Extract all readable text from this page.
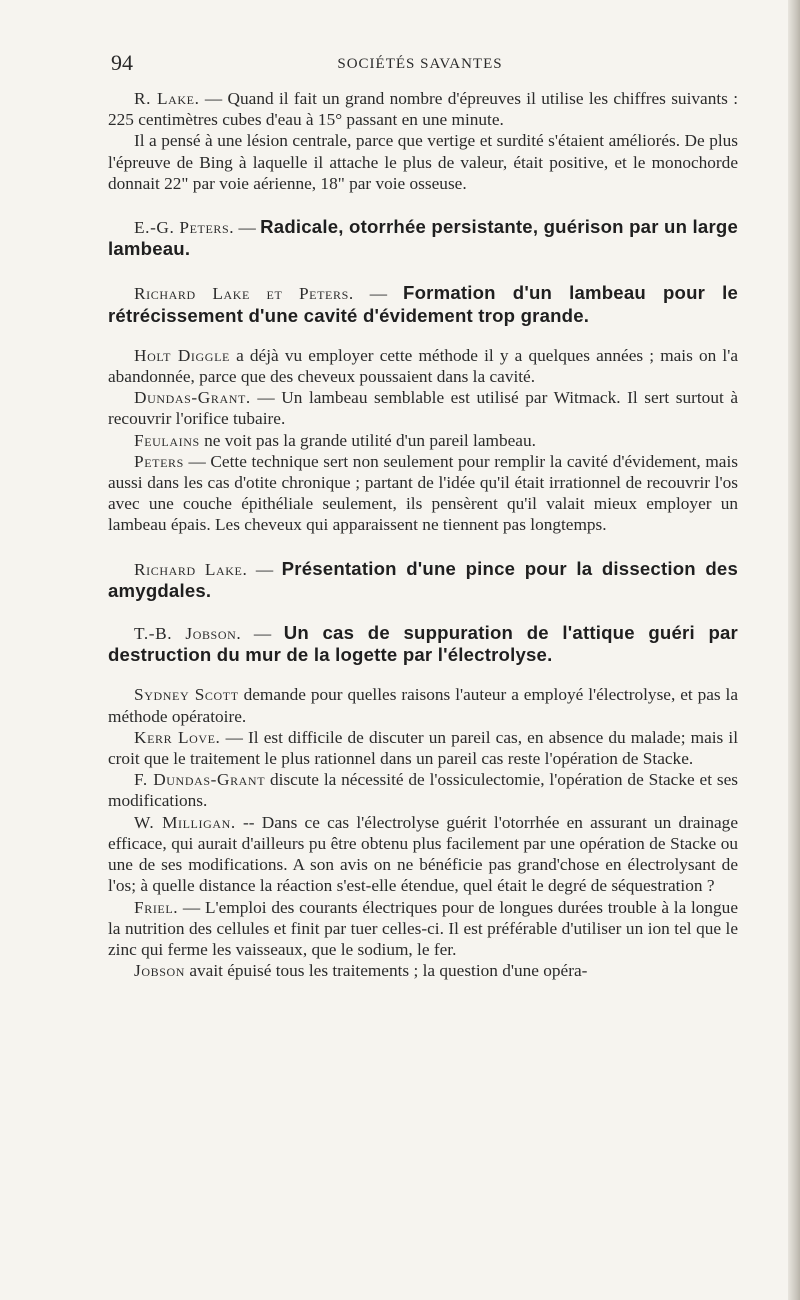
94	SOCIÉTÉS SAVANTES

R. Lake. — Quand il fait un grand nombre d'épreuves il utilise les chiffres suivants : 225 centimètres cubes d'eau à 15° passant en une minute.

Il a pensé à une lésion centrale, parce que vertige et surdité s'étaient améliorés. De plus l'épreuve de Bing à laquelle il attache le plus de valeur, était positive, et le monochorde donnait 22" par voie aérienne, 18" par voie osseuse.

E.-G. Peters. — Radicale, otorrhée persistante, guérison par un large lambeau.

Richard Lake et Peters. — Formation d'un lambeau pour le rétrécissement d'une cavité d'évidement trop grande.

Holt Diggle a déjà vu employer cette méthode il y a quelques années ; mais on l'a abandonnée, parce que des cheveux poussaient dans la cavité.

Dundas-Grant. — Un lambeau semblable est utilisé par Witmack. Il sert surtout à recouvrir l'orifice tubaire.

Feulains ne voit pas la grande utilité d'un pareil lambeau.

Peters — Cette technique sert non seulement pour remplir la cavité d'évidement, mais aussi dans les cas d'otite chronique ; partant de l'idée qu'il était irrationnel de recouvrir l'os avec une couche épithéliale seulement, ils pensèrent qu'il valait mieux employer un lambeau épais. Les cheveux qui apparaissent ne tiennent pas longtemps.

Richard Lake. — Présentation d'une pince pour la dissection des amygdales.

T.-B. Jobson. — Un cas de suppuration de l'attique guéri par destruction du mur de la logette par l'électrolyse.

Sydney Scott demande pour quelles raisons l'auteur a employé l'électrolyse, et pas la méthode opératoire.

Kerr Love. — Il est difficile de discuter un pareil cas, en absence du malade; mais il croit que le traitement le plus rationnel dans un pareil cas reste l'opération de Stacke.

F. Dundas-Grant discute la nécessité de l'ossiculectomie, l'opération de Stacke et ses modifications.

W. Milligan. -- Dans ce cas l'électrolyse guérit l'otorrhée en assurant un drainage efficace, qui aurait d'ailleurs pu être obtenu plus facilement par une opération de Stacke ou une de ses modifications. A son avis on ne bénéficie pas grand'chose en électrolysant de l'os; à quelle distance la réaction s'est-elle étendue, quel était le degré de séquestration ?

Friel. — L'emploi des courants électriques pour de longues durées trouble à la longue la nutrition des cellules et finit par tuer celles-ci. Il est préférable d'utiliser un ion tel que le zinc qui ferme les vaisseaux, que le sodium, le fer.

Jobson avait épuisé tous les traitements ; la question d'une opéra-
